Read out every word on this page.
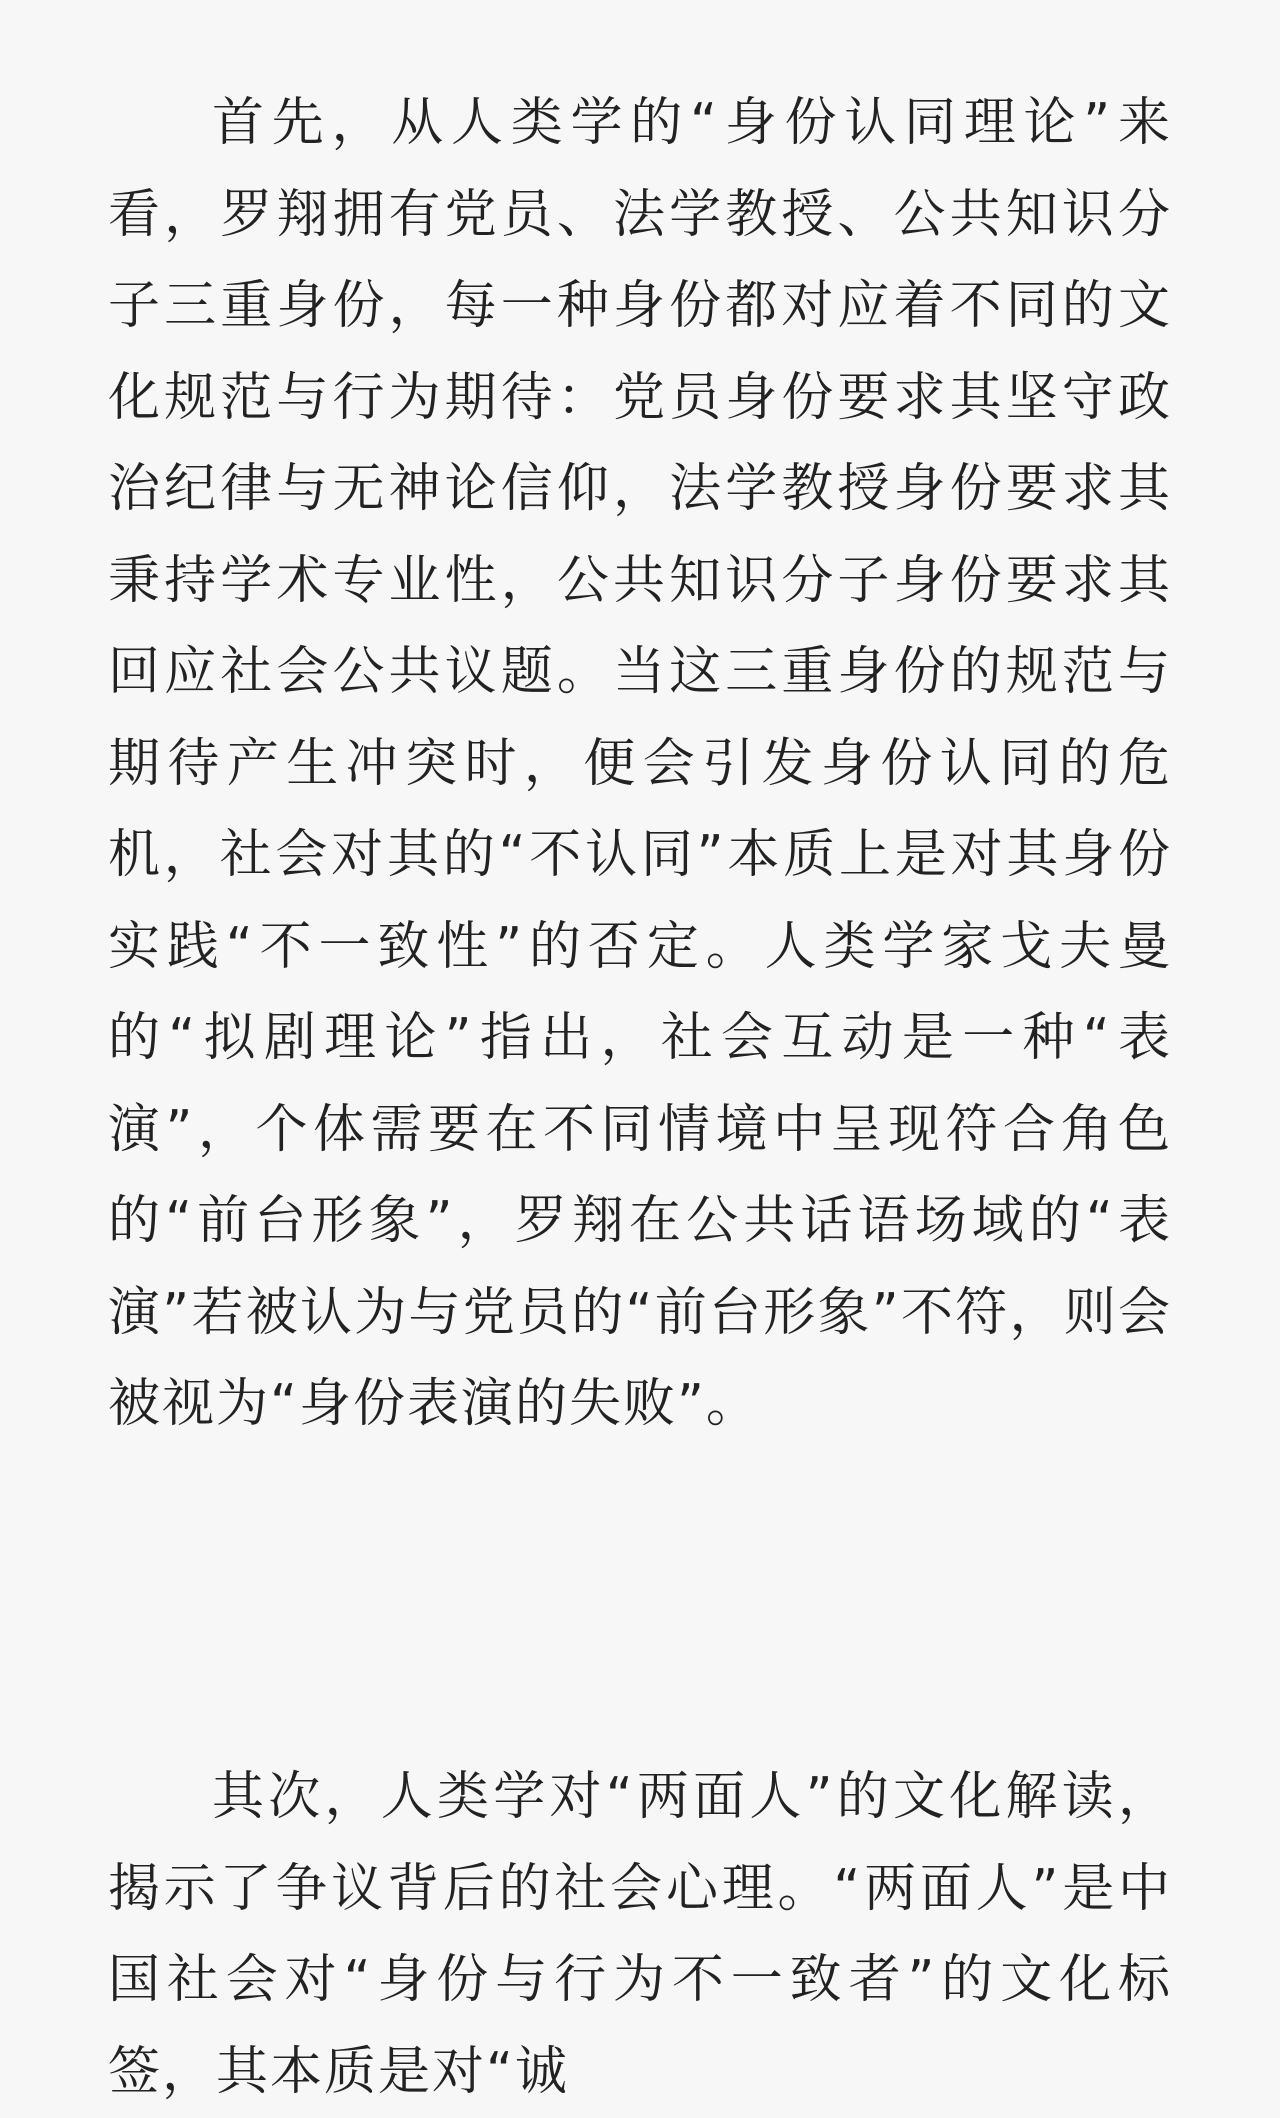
首先，从人类学的“身份认同理论”来看，罗翔拥有党员、法学教授、公共知识分子三重身份，每一种身份都对应着不同的文化规范与行为期待：党员身份要求其坚守政治纪律与无神论信仰，法学教授身份要求其秉持学术专业性，公共知识分子身份要求其回应社会公共议题。当这三重身份的规范与期待产生冲突时，便会引发身份认同的危机，社会对其的“不认同”本质上是对其身份实践“不一致性”的否定。人类学家戈夫曼的“拟剧理论”指出，社会互动是一种“表演”，个体需要在不同情境中呈现符合角色的“前台形象”，罗翔在公共话语场域的“表演”若被认为与党员的“前台形象”不符，则会被视为“身份表演的失败”。

其次，人类学对“两面人”的文化解读，揭示了争议背后的社会心理。“两面人”是中国社会对“身份与行为不一致者”的文化标签，其本质是对“诚
